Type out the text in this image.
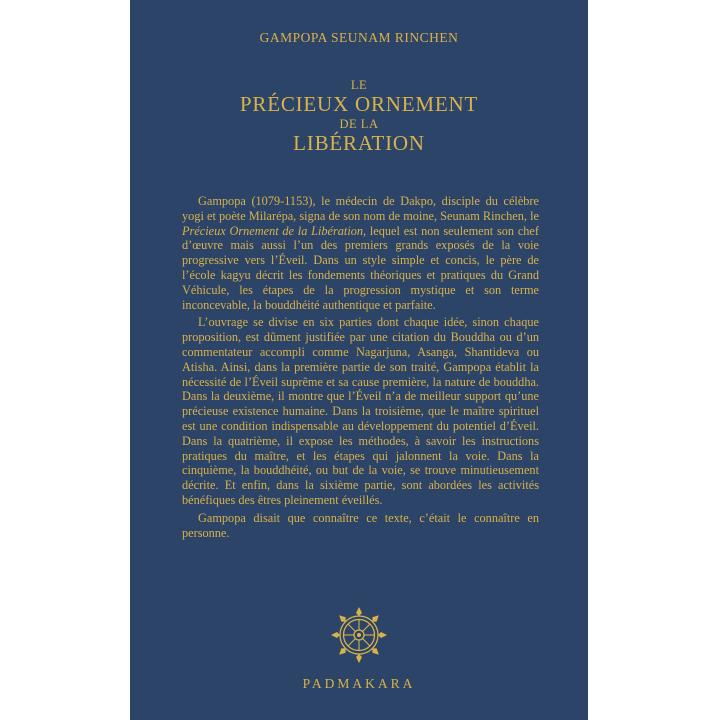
GAMPOPA SEUNAM RINCHEN
LE
PRÉCIEUX ORNEMENT
DE LA
LIBÉRATION

Gampopa (1079-1153), le médecin de Dakpo, disciple du célèbre yogi et poète Milarépa, signa de son nom de moine, Seunam Rinchen, le Précieux Ornement de la Libération, lequel est non seulement son chef d’œuvre mais aussi l’un des premiers grands exposés de la voie progressive vers l’Éveil. Dans un style simple et concis, le père de l’école kagyu décrit les fondements théoriques et pratiques du Grand Véhicule, les étapes de la progression mystique et son terme inconcevable, la bouddhéité authentique et parfaite.

L’ouvrage se divise en six parties dont chaque idée, sinon chaque proposition, est dûment justifiée par une citation du Bouddha ou d’un commentateur accompli comme Nagarjuna, Asanga, Shantideva ou Atisha. Ainsi, dans la première partie de son traité, Gampopa établit la nécessité de l’Éveil suprême et sa cause première, la nature de bouddha. Dans la deuxième, il montre que l’Éveil n’a de meilleur support qu’une précieuse existence humaine. Dans la troisième, que le maître spirituel est une condition indispensable au développement du potentiel d’Éveil. Dans la quatrième, il expose les méthodes, à savoir les instructions pratiques du maître, et les étapes qui jalonnent la voie. Dans la cinquième, la bouddhéité, ou but de la voie, se trouve minutieusement décrite. Et enfin, dans la sixième partie, sont abordées les activités bénéfiques des êtres pleinement éveillés.

Gampopa disait que connaître ce texte, c’était le connaître en personne.

PADMAKARA
